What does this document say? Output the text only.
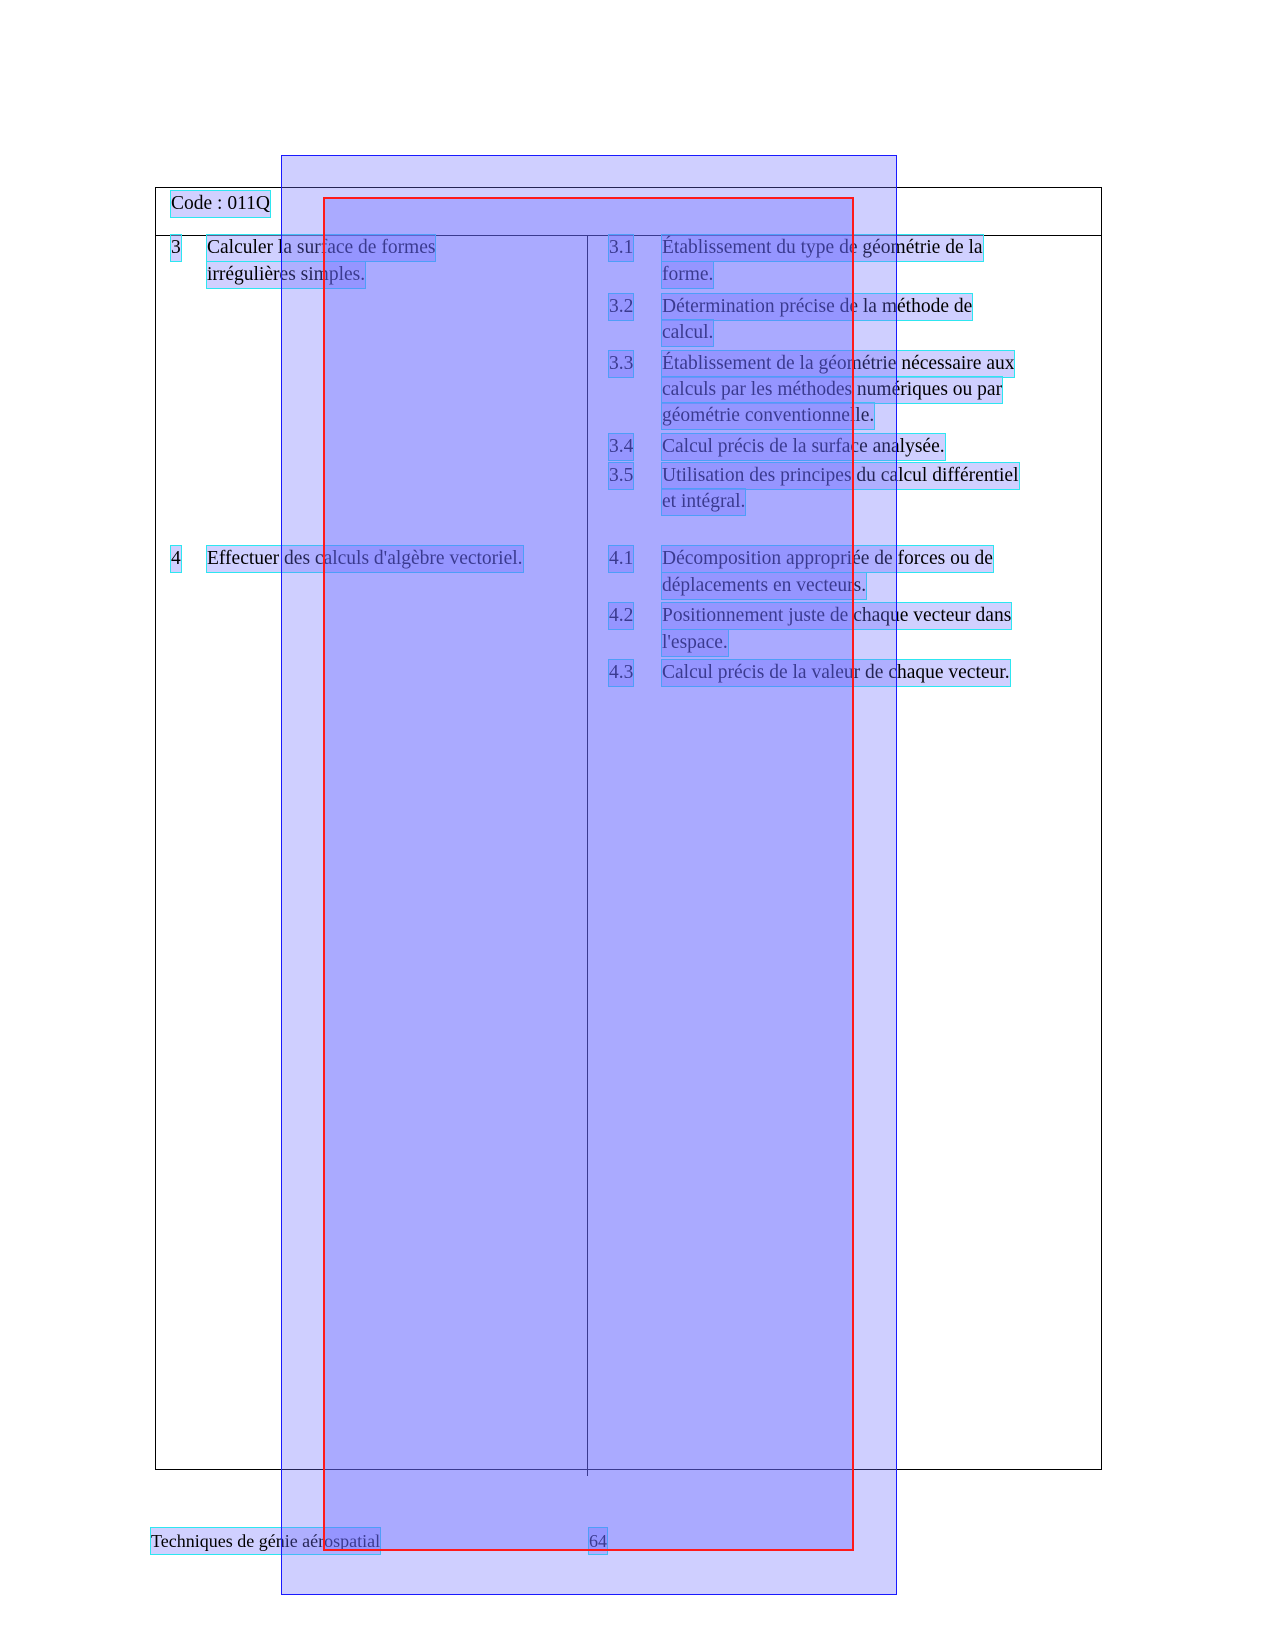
Code : 011Q
3 Calculer la surface de formes
irrégulières simples.
3.1 Établissement du type de géométrie de la
forme.
3.2 Détermination précise de la méthode de
calcul.
3.3 Établissement de la géométrie nécessaire aux
calculs par les méthodes numériques ou par
géométrie conventionnelle.
3.4 Calcul précis de la surface analysée.
3.5 Utilisation des principes du calcul différentiel
et intégral.
4 Effectuer des calculs d'algèbre vectoriel.	4.1 Décomposition appropriée de forces ou de
déplacements en vecteurs.
4.2 Positionnement juste de chaque vecteur dans
l'espace.
4.3 Calcul précis de la valeur de chaque vecteur.
Techniques de génie aérospatial	64
